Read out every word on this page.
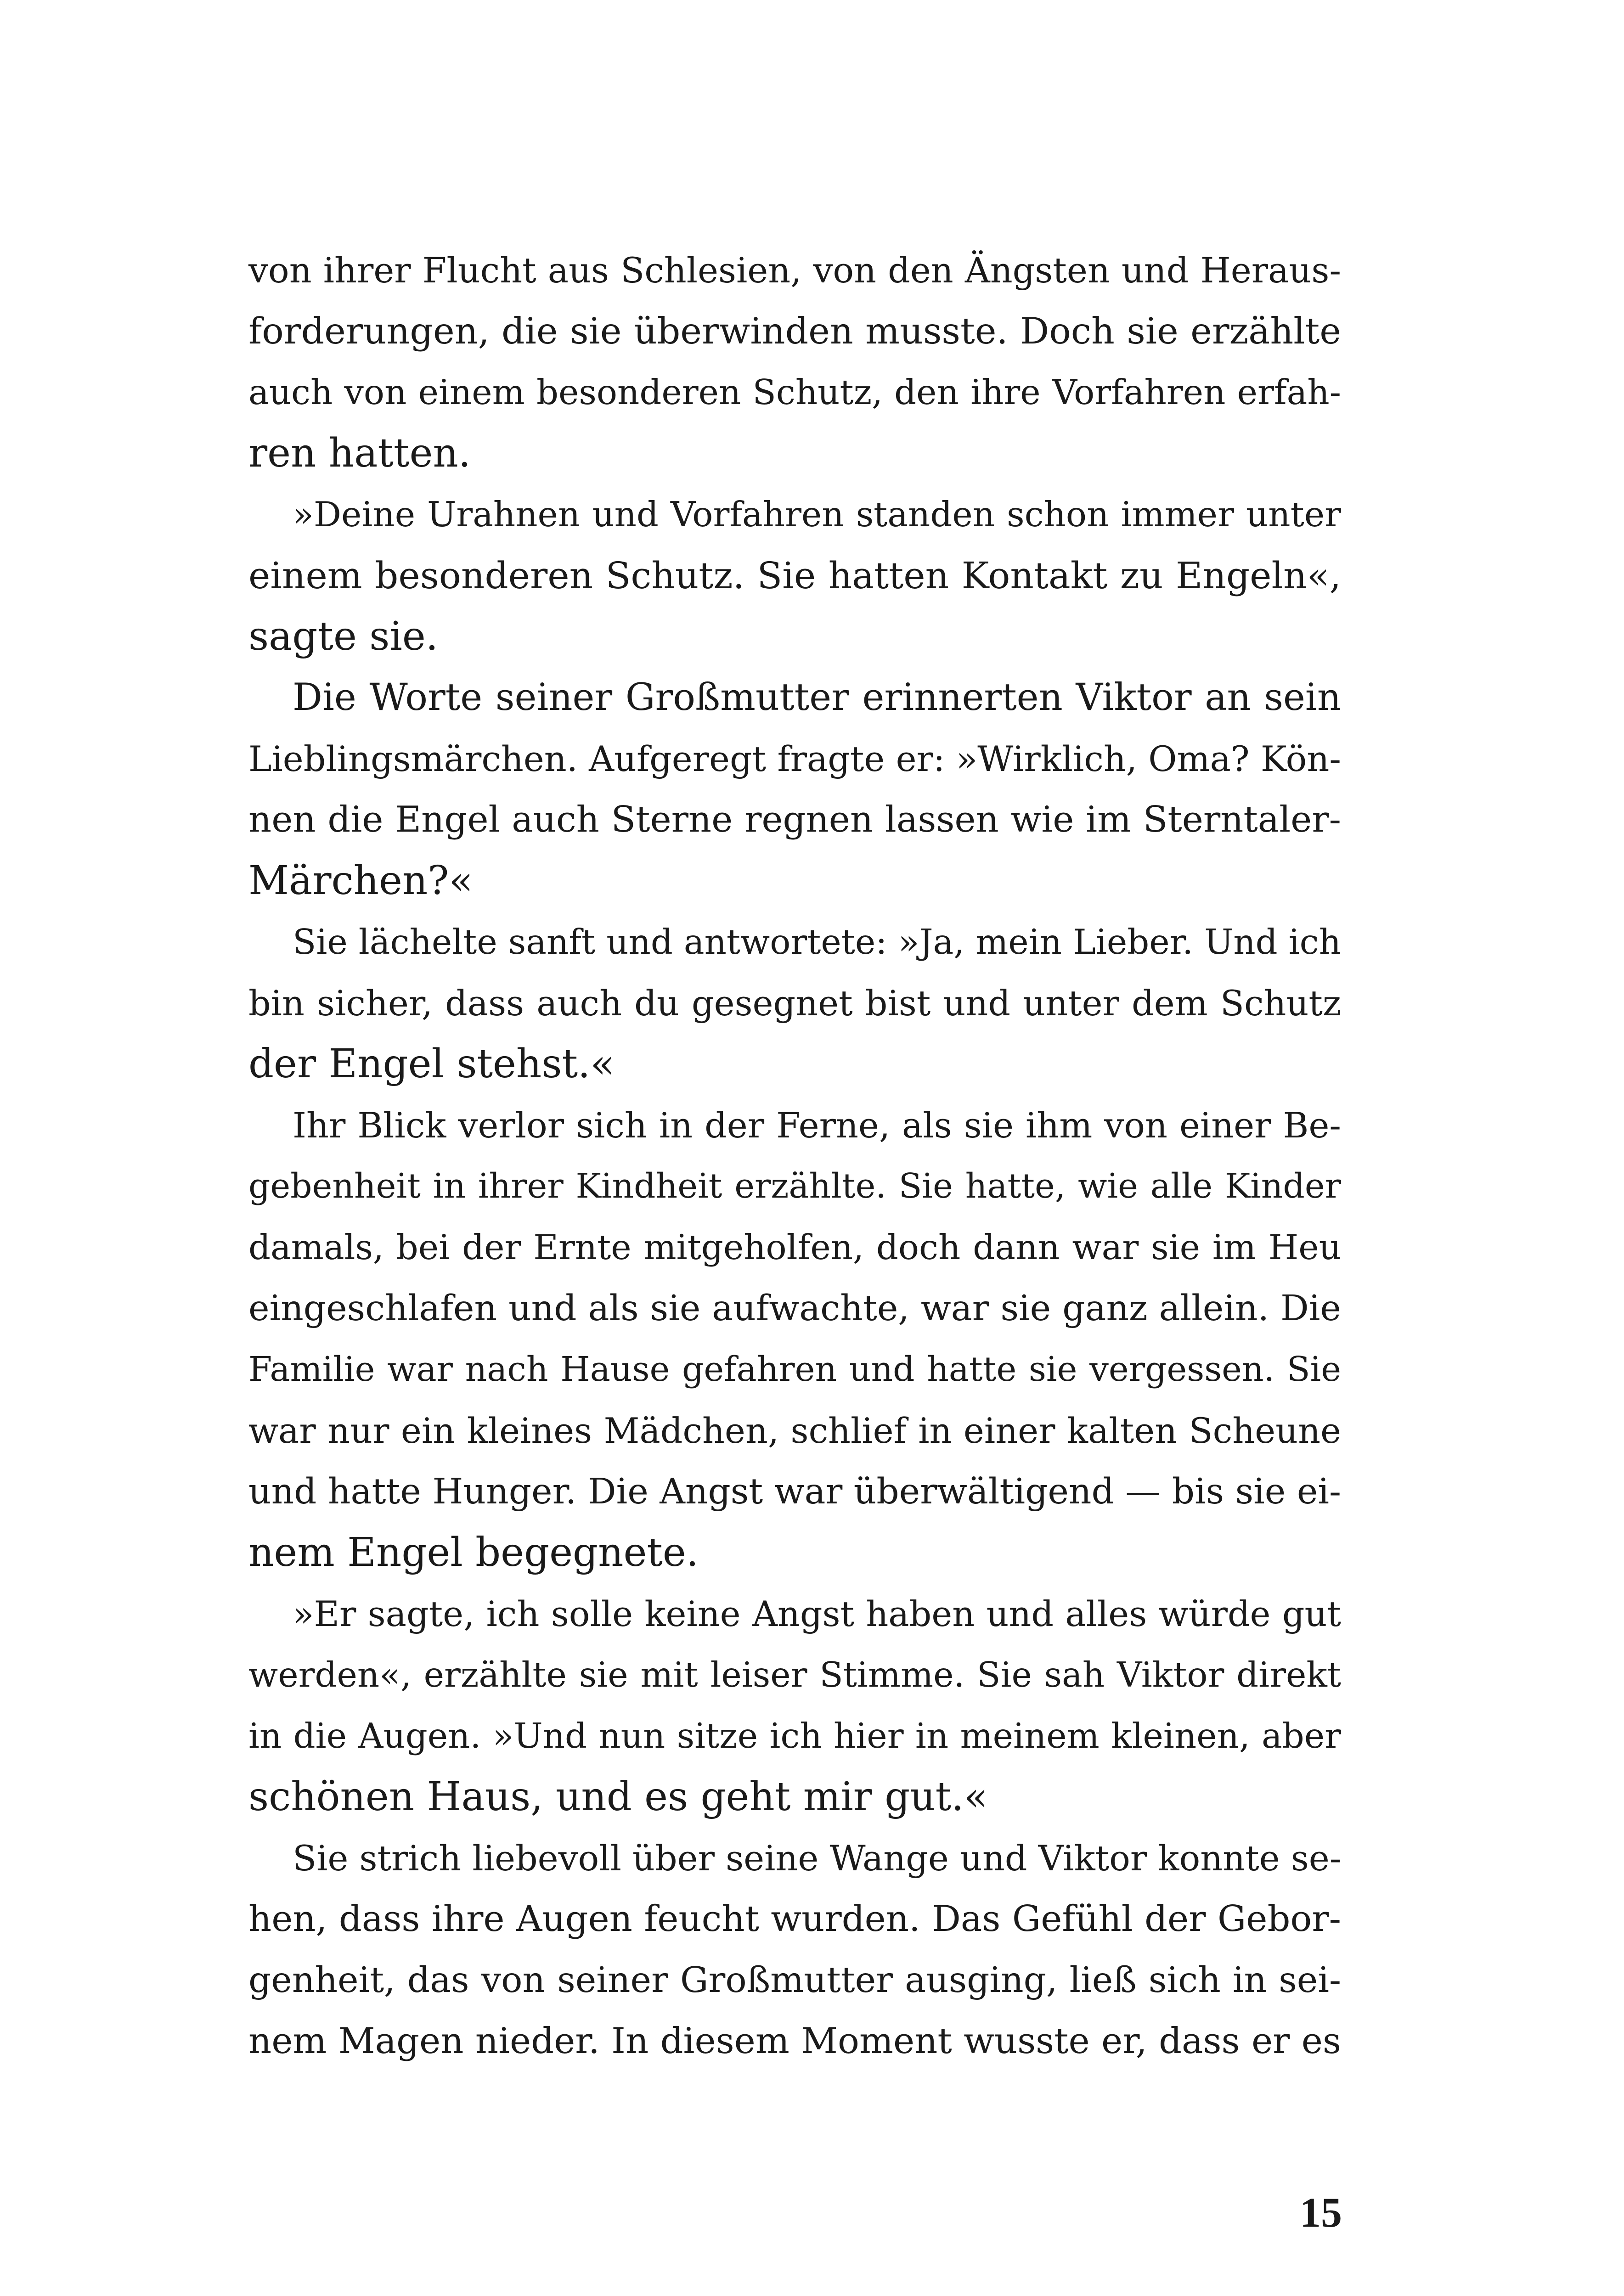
von ihrer Flucht aus Schlesien, von den Ängsten und Heraus-
forderungen, die sie überwinden musste. Doch sie erzählte
auch von einem besonderen Schutz, den ihre Vorfahren erfah-
ren hatten.
»Deine Urahnen und Vorfahren standen schon immer unter
einem besonderen Schutz. Sie hatten Kontakt zu Engeln«,
sagte sie.
Die Worte seiner Großmutter erinnerten Viktor an sein
Lieblingsmärchen. Aufgeregt fragte er: »Wirklich, Oma? Kön-
nen die Engel auch Sterne regnen lassen wie im Sterntaler-
Märchen?«
Sie lächelte sanft und antwortete: »Ja, mein Lieber. Und ich
bin sicher, dass auch du gesegnet bist und unter dem Schutz
der Engel stehst.«
Ihr Blick verlor sich in der Ferne, als sie ihm von einer Be-
gebenheit in ihrer Kindheit erzählte. Sie hatte, wie alle Kinder
damals, bei der Ernte mitgeholfen, doch dann war sie im Heu
eingeschlafen und als sie aufwachte, war sie ganz allein. Die
Familie war nach Hause gefahren und hatte sie vergessen. Sie
war nur ein kleines Mädchen, schlief in einer kalten Scheune
und hatte Hunger. Die Angst war überwältigend — bis sie ei-
nem Engel begegnete.
»Er sagte, ich solle keine Angst haben und alles würde gut
werden«, erzählte sie mit leiser Stimme. Sie sah Viktor direkt
in die Augen. »Und nun sitze ich hier in meinem kleinen, aber
schönen Haus, und es geht mir gut.«
Sie strich liebevoll über seine Wange und Viktor konnte se-
hen, dass ihre Augen feucht wurden. Das Gefühl der Gebor-
genheit, das von seiner Großmutter ausging, ließ sich in sei-
nem Magen nieder. In diesem Moment wusste er, dass er es
15
